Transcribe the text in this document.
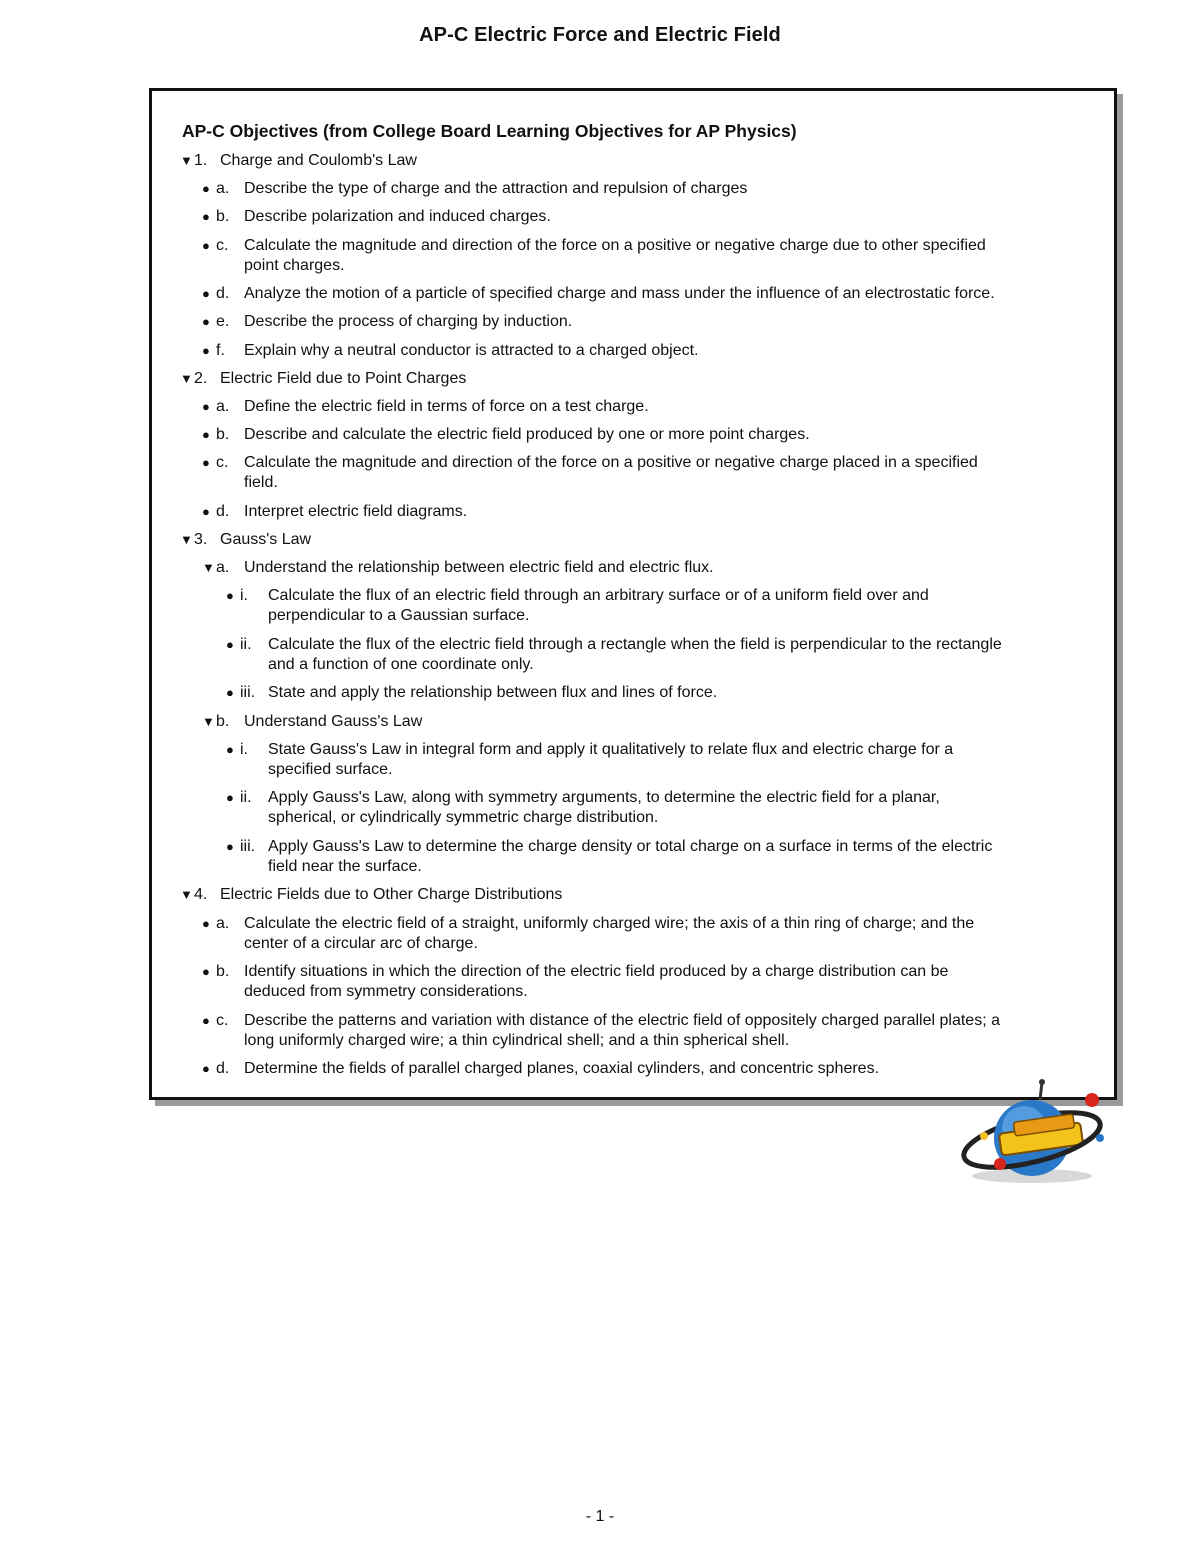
AP-C Electric Force and Electric Field
AP-C Objectives (from College Board Learning Objectives for AP Physics)
▼1. Charge and Coulomb's Law
● a. Describe the type of charge and the attraction and repulsion of charges
● b. Describe polarization and induced charges.
● c. Calculate the magnitude and direction of the force on a positive or negative charge due to other specified
point charges.
● d. Analyze the motion of a particle of specified charge and mass under the influence of an electrostatic force.
● e. Describe the process of charging by induction.
● f.	Explain why a neutral conductor is attracted to a charged object.
▼2. Electric Field due to Point Charges
● a. Define the electric field in terms of force on a test charge.
● b. Describe and calculate the electric field produced by one or more point charges.
● c. Calculate the magnitude and direction of the force on a positive or negative charge placed in a specified
field.
● d. Interpret electric field diagrams.
▼3. Gauss's Law
▼a. Understand the relationship between electric field and electric flux.
● i.	Calculate the flux of an electric field through an arbitrary surface or of a uniform field over and
perpendicular to a Gaussian surface.
● ii.	Calculate the flux of the electric field through a rectangle when the field is perpendicular to the rectangle
and a function of one coordinate only.
● iii. State and apply the relationship between flux and lines of force.
▼b. Understand Gauss's Law
● i.	State Gauss's Law in integral form and apply it qualitatively to relate flux and electric charge for a
specified surface.
● ii.	Apply Gauss's Law, along with symmetry arguments, to determine the electric field for a planar,
spherical, or cylindrically symmetric charge distribution.
● iii. Apply Gauss's Law to determine the charge density or total charge on a surface in terms of the electric
field near the surface.
▼4. Electric Fields due to Other Charge Distributions
● a. Calculate the electric field of a straight, uniformly charged wire; the axis of a thin ring of charge; and the
center of a circular arc of charge.
● b. Identify situations in which the direction of the electric field produced by a charge distribution can be
deduced from symmetry considerations.
● c. Describe the patterns and variation with distance of the electric field of oppositely charged parallel plates; a
long uniformly charged wire; a thin cylindrical shell; and a thin spherical shell.
● d. Determine the fields of parallel charged planes, coaxial cylinders, and concentric spheres.
- 1 -
